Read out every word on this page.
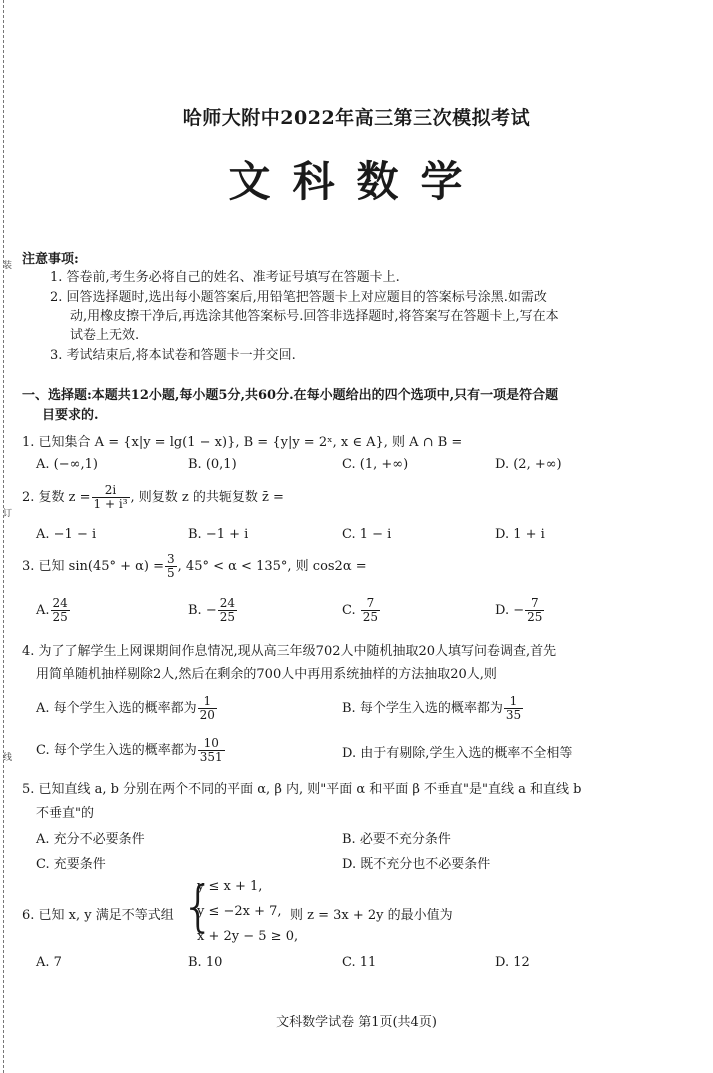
装
订
线
哈师大附中2022年高三第三次模拟考试
文科数学
注意事项:
1. 答卷前,考生务必将自己的姓名、准考证号填写在答题卡上.
2. 回答选择题时,选出每小题答案后,用铅笔把答题卡上对应题目的答案标号涂黑.如需改
动,用橡皮擦干净后,再选涂其他答案标号.回答非选择题时,将答案写在答题卡上,写在本
试卷上无效.
3. 考试结束后,将本试卷和答题卡一并交回.
一、选择题:本题共12小题,每小题5分,共60分.在每小题给出的四个选项中,只有一项是符合题
目要求的.
1. 已知集合 A = {x|y = lg(1 − x)}, B = {y|y = 2ˣ, x ∈ A}, 则 A ∩ B =
A. (−∞,1)	B. (0,1)	C. (1, +∞)	D. (2, +∞)
2. 复数 $z = \frac{2i}{\text{1 + i³}}$ , 则复数 z 的共轭复数 z̄ =
A. −1 − i	B. −1 + i	C. 1 − i	D. 1 + i
3. 已知 $\sin(45^\circ + \alpha) = \frac{3}{5}$ , 45° < α < 135°, 则 cos2α =
A. $\frac{24}{25}$	B. − $\frac{24}{25}$	C. $\frac{7}{25}$	D. − $\frac{7}{25}$
4. 为了了解学生上网课期间作息情况,现从高三年级702人中随机抽取20人填写问卷调查,首先
用简单随机抽样剔除2人,然后在剩余的700人中再用系统抽样的方法抽取20人,则
A. 每个学生入选的概率都为 $\frac{1}{20}$	B. 每个学生入选的概率都为 $\frac{1}{35}$
C. 每个学生入选的概率都为 $\frac{10}{351}$	D. 由于有剔除,学生入选的概率不全相等
5. 已知直线 a, b 分别在两个不同的平面 α, β 内, 则"平面 α 和平面 β 不垂直"是"直线 a 和直线 b
不垂直"的
A. 充分不必要条件	B. 必要不充分条件
C. 充要条件	D. 既不充分也不必要条件
6. 已知 x, y 满足不等式组 {
y ≤ x + 1,
y ≤ −2x + 7,
x + 2y − 5 ≥ 0,
则 z = 3x + 2y 的最小值为
A. 7	B. 10	C. 11	D. 12
文科数学试卷 第1页(共4页)
